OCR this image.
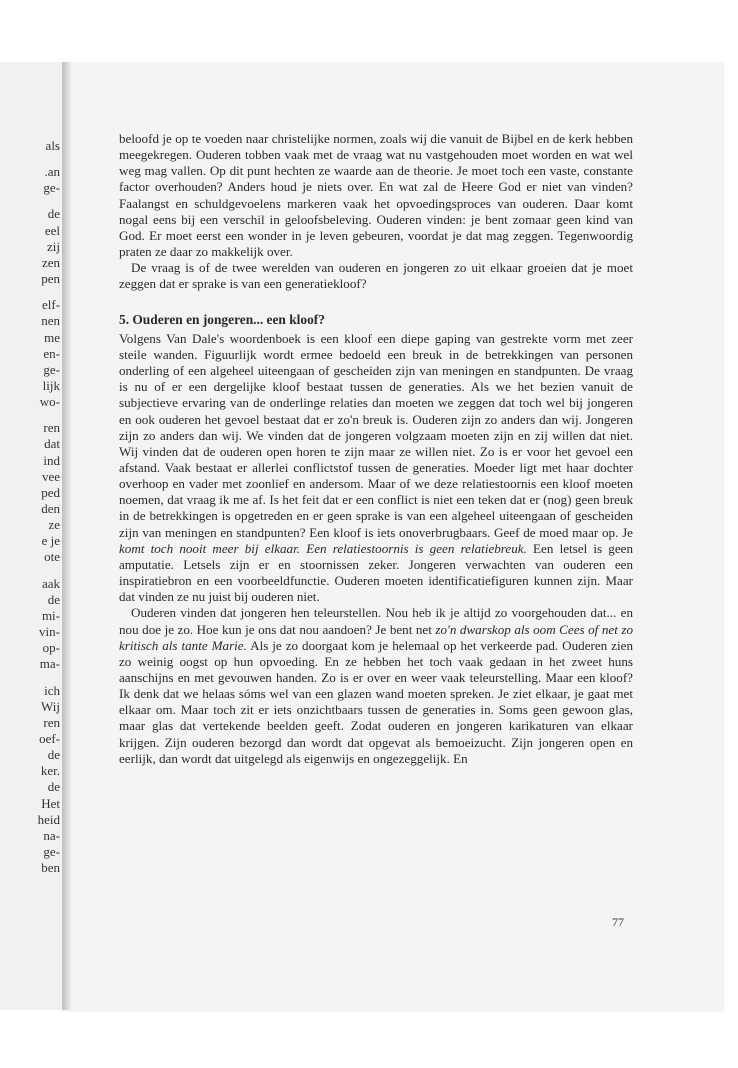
als
.an
ge-
de
eel
zij
zen
pen
elf-
nen
me
en-
ge-
lijk
wo-
ren
dat
ind
vee
ped
den
ze
e je
ote
aak
de
mi-
vin-
op-
ma-
ich
Wij
ren
oef-
de
ker.
de
Het
heid
na-
ge-
ben

beloofd je op te voeden naar christelijke normen, zoals wij die vanuit de Bijbel en de kerk hebben meegekregen. Ouderen tobben vaak met de vraag wat nu vastgehouden moet worden en wat wel weg mag vallen. Op dit punt hechten ze waarde aan de theorie. Je moet toch een vaste, constante factor overhouden? Anders houd je niets over. En wat zal de Heere God er niet van vinden? Faalangst en schuldgevoelens markeren vaak het opvoedingsproces van ouderen. Daar komt nogal eens bij een verschil in geloofsbeleving. Ouderen vinden: je bent zomaar geen kind van God. Er moet eerst een wonder in je leven gebeuren, voordat je dat mag zeggen. Tegenwoordig praten ze daar zo makkelijk over.

De vraag is of de twee werelden van ouderen en jongeren zo uit elkaar groeien dat je moet zeggen dat er sprake is van een generatiekloof?

5. Ouderen en jongeren... een kloof?

Volgens Van Dale's woordenboek is een kloof een diepe gaping van gestrekte vorm met zeer steile wanden. Figuurlijk wordt ermee bedoeld een breuk in de betrekkingen van personen onderling of een algeheel uiteengaan of gescheiden zijn van meningen en standpunten. De vraag is nu of er een dergelijke kloof bestaat tussen de generaties. Als we het bezien vanuit de subjectieve ervaring van de onderlinge relaties dan moeten we zeggen dat toch wel bij jongeren en ook ouderen het gevoel bestaat dat er zo'n breuk is. Ouderen zijn zo anders dan wij. Jongeren zijn zo anders dan wij. We vinden dat de jongeren volgzaam moeten zijn en zij willen dat niet. Wij vinden dat de ouderen open horen te zijn maar ze willen niet. Zo is er voor het gevoel een afstand. Vaak bestaat er allerlei conflictstof tussen de generaties. Moeder ligt met haar dochter overhoop en vader met zoonlief en andersom. Maar of we deze relatiestoornis een kloof moeten noemen, dat vraag ik me af. Is het feit dat er een conflict is niet een teken dat er (nog) geen breuk in de betrekkingen is opgetreden en er geen sprake is van een algeheel uiteengaan of gescheiden zijn van meningen en standpunten? Een kloof is iets onoverbrugbaars. Geef de moed maar op. Je komt toch nooit meer bij elkaar. Een relatiestoornis is geen relatiebreuk. Een letsel is geen amputatie. Letsels zijn er en stoornissen zeker. Jongeren verwachten van ouderen een inspiratiebron en een voorbeeldfunctie. Ouderen moeten identificatiefiguren kunnen zijn. Maar dat vinden ze nu juist bij ouderen niet.

Ouderen vinden dat jongeren hen teleurstellen. Nou heb ik je altijd zo voorgehouden dat... en nou doe je zo. Hoe kun je ons dat nou aandoen? Je bent net zo'n dwarskop als oom Cees of net zo kritisch als tante Marie. Als je zo doorgaat kom je helemaal op het verkeerde pad. Ouderen zien zo weinig oogst op hun opvoeding. En ze hebben het toch vaak gedaan in het zweet huns aanschijns en met gevouwen handen. Zo is er over en weer vaak teleurstelling. Maar een kloof? Ik denk dat we helaas sóms wel van een glazen wand moeten spreken. Je ziet elkaar, je gaat met elkaar om. Maar toch zit er iets onzichtbaars tussen de generaties in. Soms geen gewoon glas, maar glas dat vertekende beelden geeft. Zodat ouderen en jongeren karikaturen van elkaar krijgen. Zijn ouderen bezorgd dan wordt dat opgevat als bemoeizucht. Zijn jongeren open en eerlijk, dan wordt dat uitgelegd als eigenwijs en ongezeggelijk. En

77
